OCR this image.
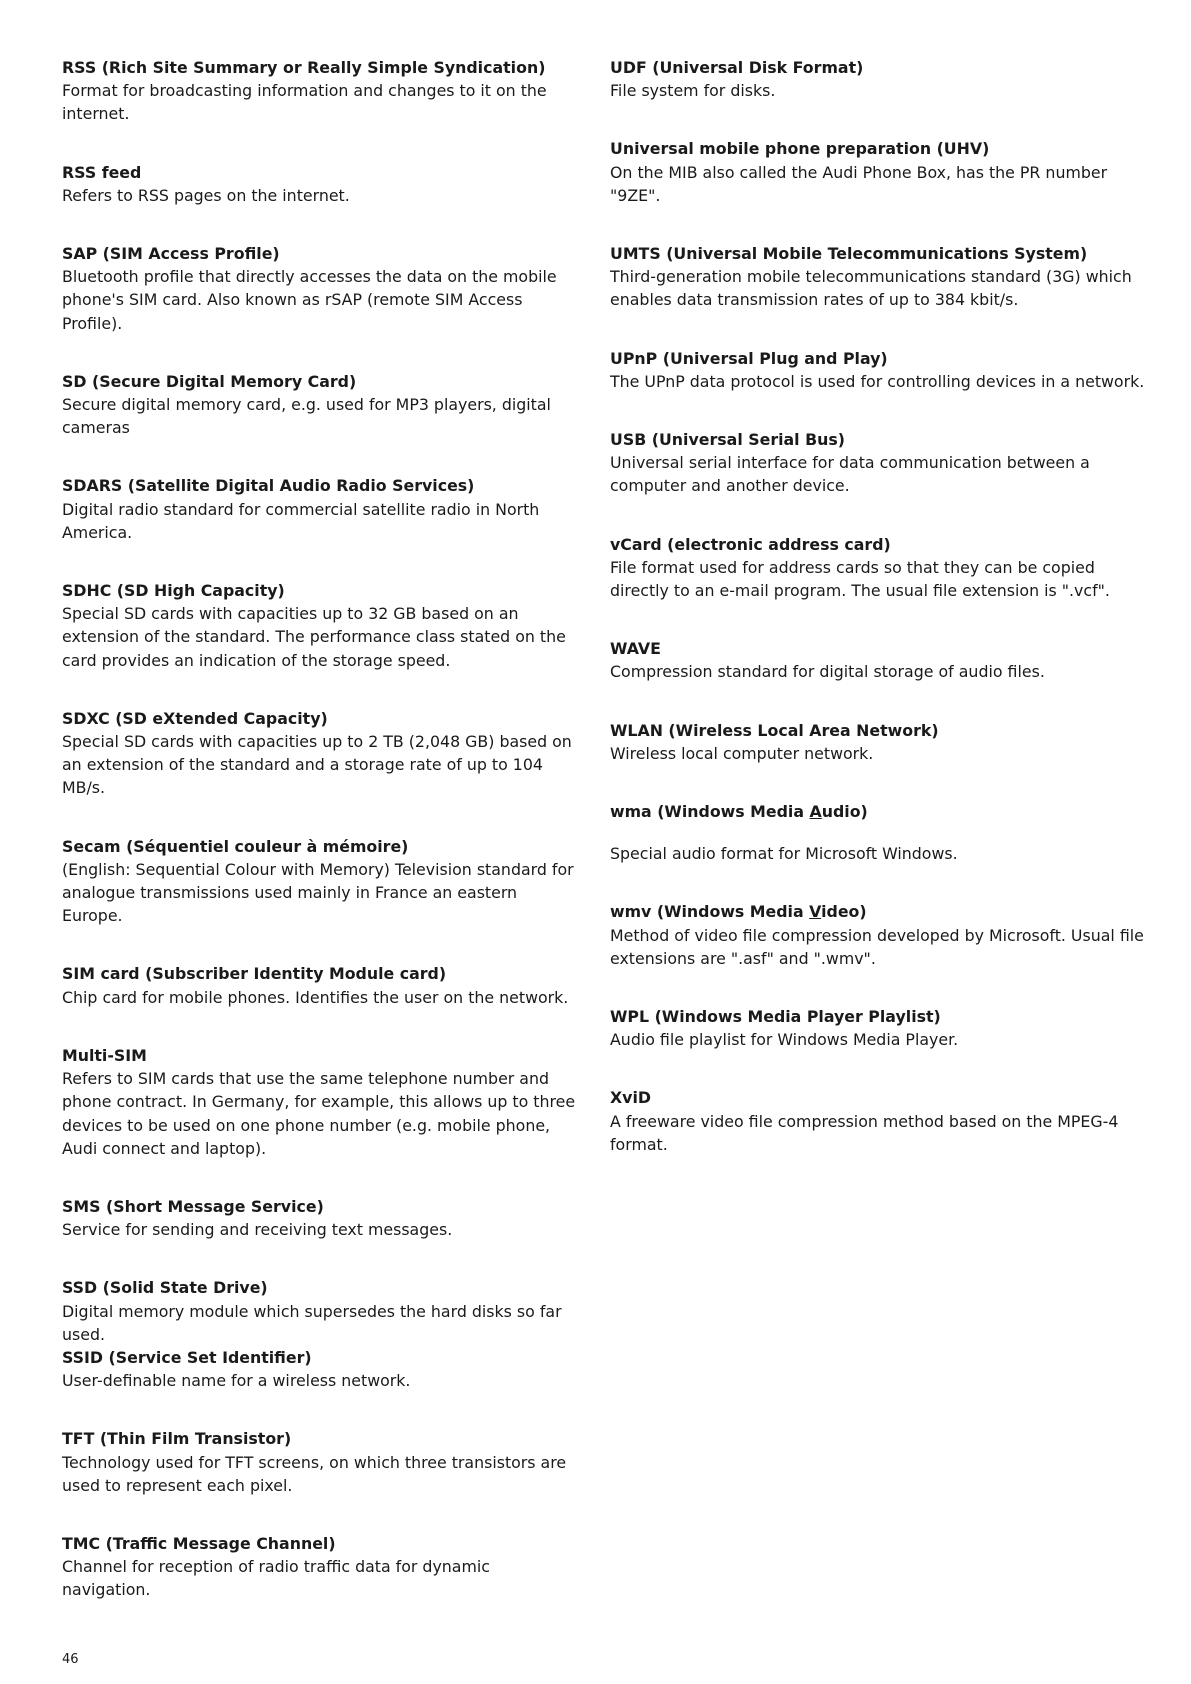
RSS (Rich Site Summary or Really Simple Syndication)
Format for broadcasting information and changes to it on the internet.
RSS feed
Refers to RSS pages on the internet.
SAP (SIM Access Profile)
Bluetooth profile that directly accesses the data on the mobile phone's SIM card. Also known as rSAP (remote SIM Access Profile).
SD (Secure Digital Memory Card)
Secure digital memory card, e.g. used for MP3 players, digital cameras
SDARS (Satellite Digital Audio Radio Services)
Digital radio standard for commercial satellite radio in North America.
SDHC (SD High Capacity)
Special SD cards with capacities up to 32 GB based on an extension of the standard. The performance class stated on the card provides an indication of the storage speed.
SDXC (SD eXtended Capacity)
Special SD cards with capacities up to 2 TB (2,048 GB) based on an extension of the standard and a storage rate of up to 104 MB/s.
Secam (Séquentiel couleur à mémoire)
(English: Sequential Colour with Memory) Television standard for analogue transmissions used mainly in France an eastern Europe.
SIM card (Subscriber Identity Module card)
Chip card for mobile phones. Identifies the user on the network.
Multi-SIM
Refers to SIM cards that use the same telephone number and phone contract. In Germany, for example, this allows up to three devices to be used on one phone number (e.g. mobile phone, Audi connect and laptop).
SMS (Short Message Service)
Service for sending and receiving text messages.
SSD (Solid State Drive)
Digital memory module which supersedes the hard disks so far used.
SSID (Service Set Identifier)
User-definable name for a wireless network.
TFT (Thin Film Transistor)
Technology used for TFT screens, on which three transistors are used to represent each pixel.
TMC (Traffic Message Channel)
Channel for reception of radio traffic data for dynamic navigation.
UDF (Universal Disk Format)
File system for disks.
Universal mobile phone preparation (UHV)
On the MIB also called the Audi Phone Box, has the PR number "9ZE".
UMTS (Universal Mobile Telecommunications System)
Third-generation mobile telecommunications standard (3G) which enables data transmission rates of up to 384 kbit/s.
UPnP (Universal Plug and Play)
The UPnP data protocol is used for controlling devices in a network.
USB (Universal Serial Bus)
Universal serial interface for data communication between a computer and another device.
vCard (electronic address card)
File format used for address cards so that they can be copied directly to an e-mail program. The usual file extension is ".vcf".
WAVE
Compression standard for digital storage of audio files.
WLAN (Wireless Local Area Network)
Wireless local computer network.
wma (Windows Media Audio)
Special audio format for Microsoft Windows.
wmv (Windows Media Video)
Method of video file compression developed by Microsoft. Usual file extensions are ".asf" and ".wmv".
WPL (Windows Media Player Playlist)
Audio file playlist for Windows Media Player.
XviD
A freeware video file compression method based on the MPEG-4 format.
46
